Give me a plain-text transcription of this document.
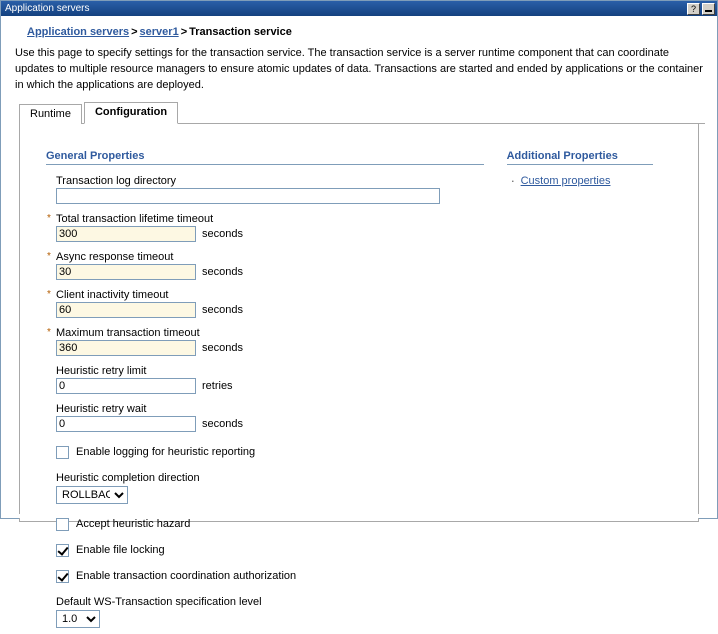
Application servers	?
Application servers > server1 > Transaction service
Use this page to specify settings for the transaction service. The transaction service is a server runtime component that can coordinate updates to multiple resource managers to ensure atomic updates of data. Transactions are started and ended by applications or the container in which the applications are deployed.
Runtime	Configuration
General Properties
Transaction log directory
* Total transaction lifetime timeout
300
seconds
* Async response timeout
30
seconds
* Client inactivity timeout
60
seconds
* Maximum transaction timeout
360
seconds
Heuristic retry limit
0
retries
Heuristic retry wait
0
seconds
Enable logging for heuristic reporting
Heuristic completion direction
ROLLBACK
Accept heuristic hazard
Enable file locking
Enable transaction coordination authorization
Default WS-Transaction specification level
1.0
Additional Properties
· Custom properties
